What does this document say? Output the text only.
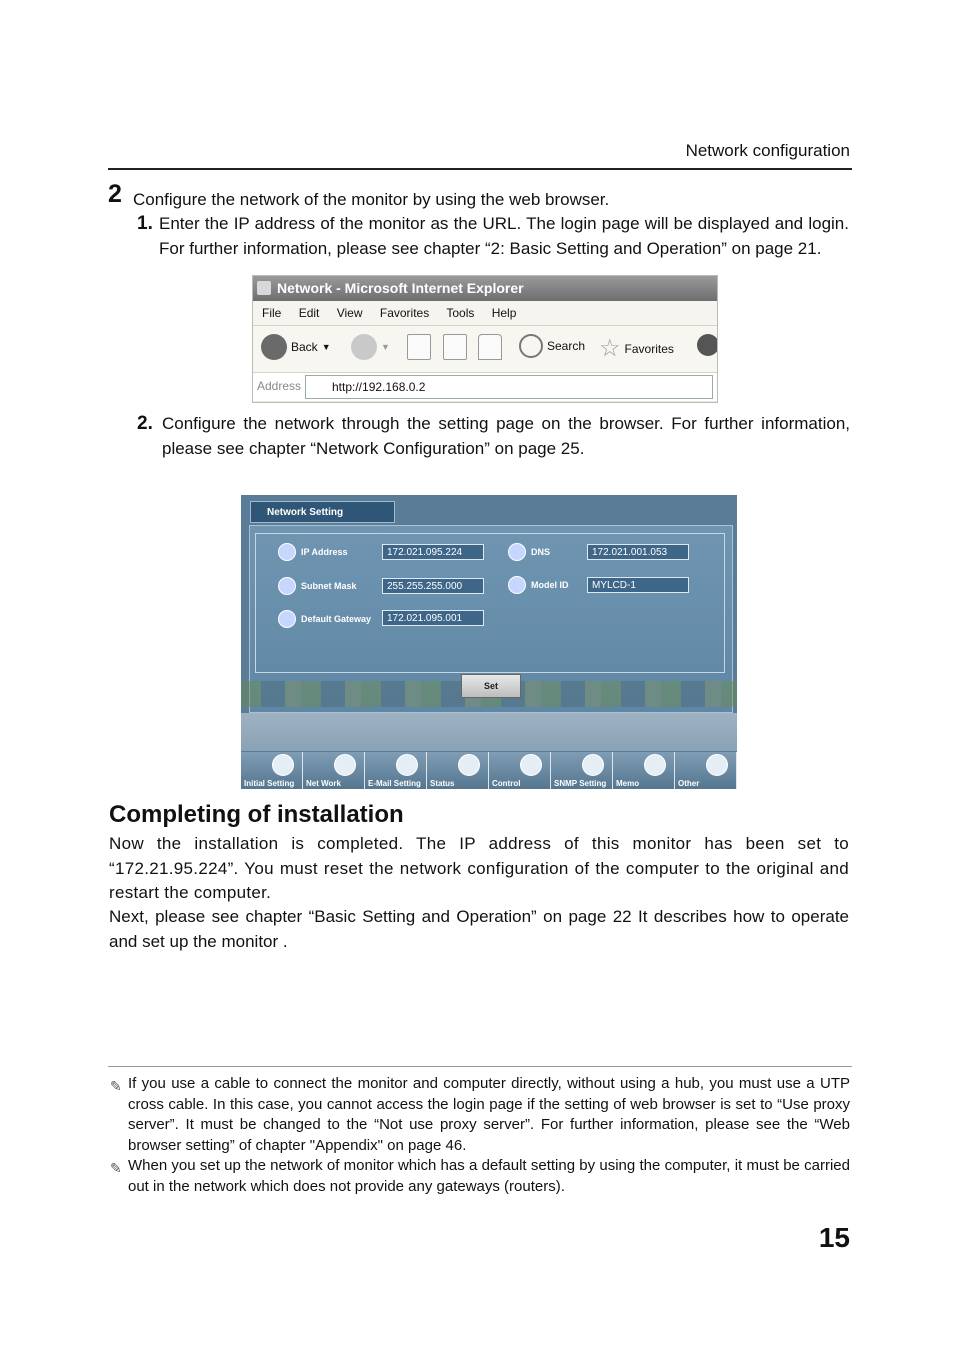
Network configuration
2 Configure the network of the monitor by using the web browser.
1. Enter the IP address of the monitor as the URL. The login page will be displayed and login. For further information, please see chapter “2: Basic Setting and Operation” on page 21.
Network - Microsoft Internet Explorer
File Edit View Favorites Tools Help
Back ▼	▼	Search ☆ Favorites
Address	http://192.168.0.2
2. Configure the network through the setting page on the browser. For further information, please see chapter “Network Configuration” on page 25.
Network Setting
IP Address	172.021.095.224
Subnet Mask	255.255.255.000
Default Gateway	172.021.095.001
DNS	172.021.001.053
Model ID	MYLCD-1
Set
Initial Setting Net Work	E-Mail Setting Status	Control	SNMP Setting Memo	Other
Completing of installation
Now the installation is completed. The IP address of this monitor has been set to “172.21.95.224”. You must reset the network configuration of the computer to the original and restart the computer.
Next, please see chapter “Basic Setting and Operation” on page 22 It describes how to operate and set up the monitor .
✎ If you use a cable to connect the monitor and computer directly, without using a hub, you must use a UTP cross cable. In this case, you cannot access the login page if the setting of web browser is set to “Use proxy server”. It must be changed to the “Not use proxy server”. For further information, please see the “Web browser setting” of chapter "Appendix" on page 46.
✎ When you set up the network of monitor which has a default setting by using the computer, it must be carried out in the network which does not provide any gateways (routers).
15
